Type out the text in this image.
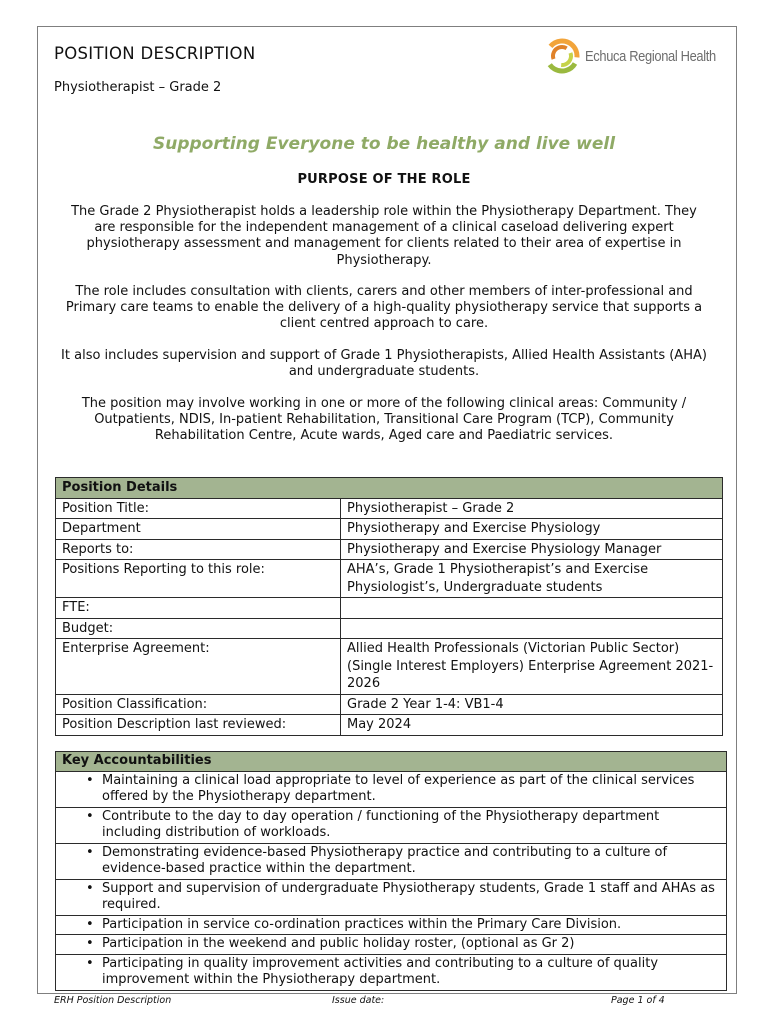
POSITION DESCRIPTION
Physiotherapist – Grade 2
Echuca Regional Health
Supporting Everyone to be healthy and live well
PURPOSE OF THE ROLE

The Grade 2 Physiotherapist holds a leadership role within the Physiotherapy Department. They are responsible for the independent management of a clinical caseload delivering expert physiotherapy assessment and management for clients related to their area of expertise in Physiotherapy.

The role includes consultation with clients, carers and other members of inter-professional and Primary care teams to enable the delivery of a high-quality physiotherapy service that supports a client centred approach to care.

It also includes supervision and support of Grade 1 Physiotherapists, Allied Health Assistants (AHA) and undergraduate students.

The position may involve working in one or more of the following clinical areas: Community / Outpatients, NDIS, In-patient Rehabilitation, Transitional Care Program (TCP), Community Rehabilitation Centre, Acute wards, Aged care and Paediatric services.

Position Details	
Position Title:	Physiotherapist – Grade 2
Department	Physiotherapy and Exercise Physiology
Reports to:	Physiotherapy and Exercise Physiology Manager
Positions Reporting to this role:	AHA’s, Grade 1 Physiotherapist’s and Exercise Physiologist’s, Undergraduate students
FTE:	
Budget:	
Enterprise Agreement:	Allied Health Professionals (Victorian Public Sector) (Single Interest Employers) Enterprise Agreement 2021-2026
Position Classification:	Grade 2 Year 1-4: VB1-4
Position Description last reviewed:	May 2024
Key Accountabilities

• Maintaining a clinical load appropriate to level of experience as part of the clinical services offered by the Physiotherapy department.

• Contribute to the day to day operation / functioning of the Physiotherapy department including distribution of workloads.

• Demonstrating evidence-based Physiotherapy practice and contributing to a culture of evidence-based practice within the department.

• Support and supervision of undergraduate Physiotherapy students, Grade 1 staff and AHAs as required.

• Participation in service co-ordination practices within the Primary Care Division.

• Participation in the weekend and public holiday roster, (optional as Gr 2)

• Participating in quality improvement activities and contributing to a culture of quality improvement within the Physiotherapy department.
ERH Position Description	Issue date:	Page 1 of 4
